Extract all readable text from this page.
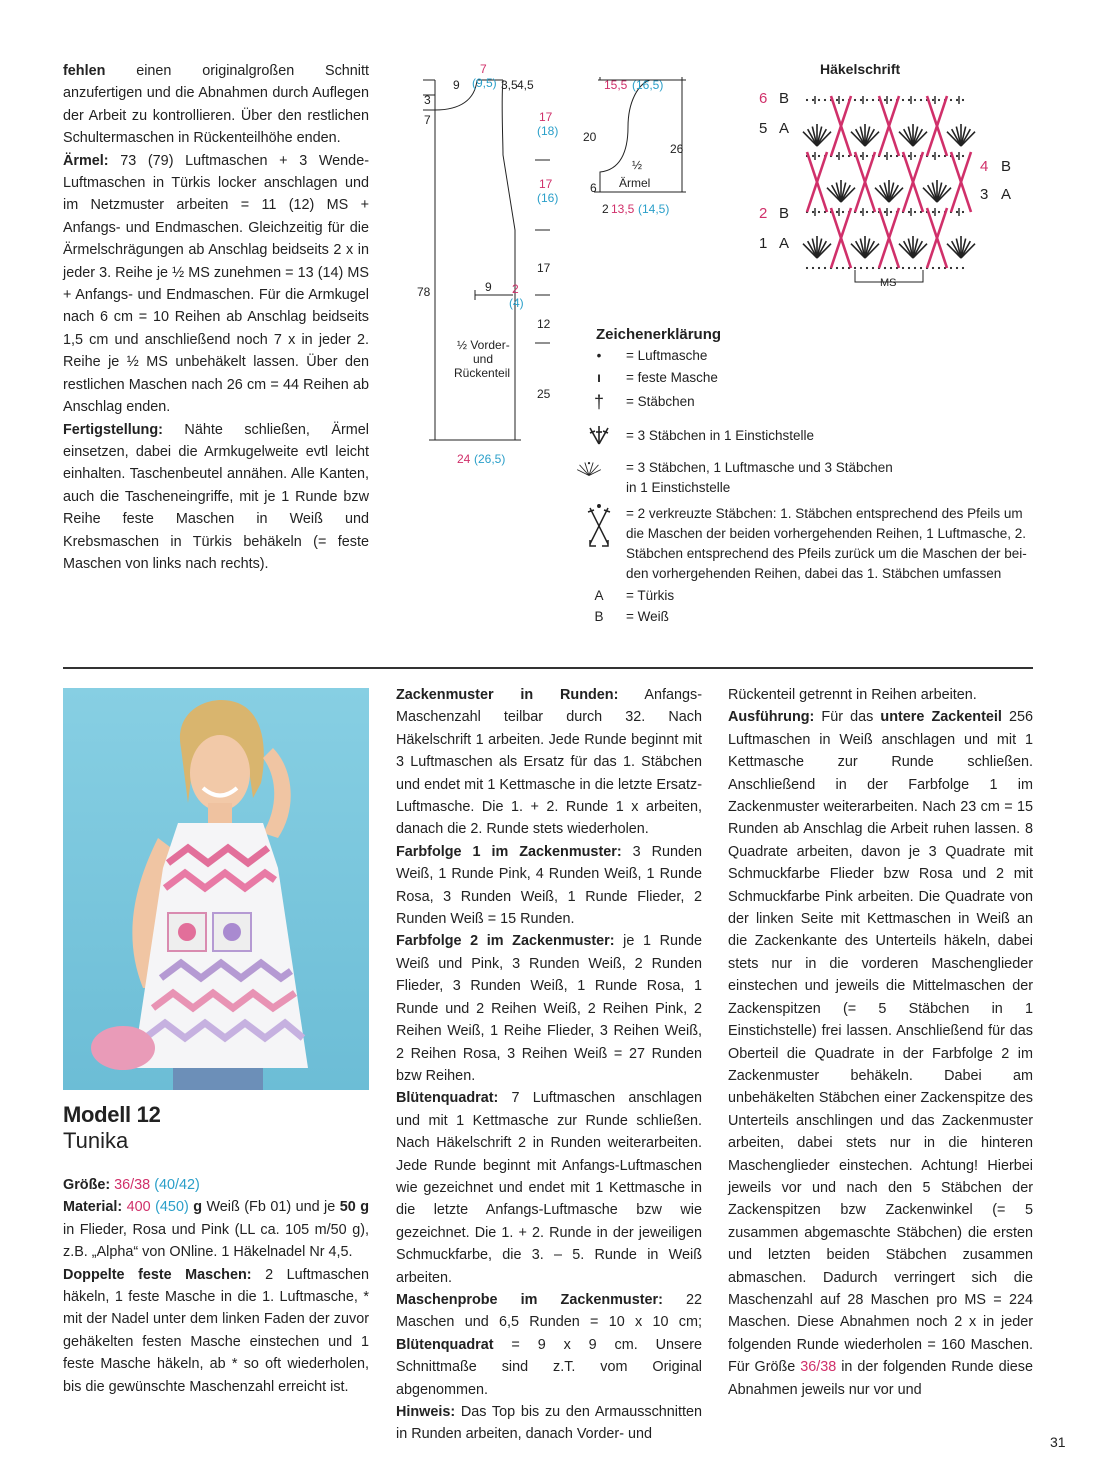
fehlen einen originalgroßen Schnitt anzufertigen und die Abnahmen durch Auflegen der Arbeit zu kontrollieren. Über den restlichen Schultermaschen in Rückenteilhöhe enden.

Ärmel: 73 (79) Luftmaschen + 3 Wende-Luftmaschen in Türkis locker anschlagen und im Netzmuster arbeiten = 11 (12) MS + Anfangs- und Endmaschen. Gleichzeitig für die Ärmelschrägungen ab Anschlag beidseits 2 x in jeder 3. Reihe je ½ MS zunehmen = 13 (14) MS + Anfangs- und Endmaschen. Für die Armkugel nach 6 cm = 10 Reihen ab Anschlag beidseits 1,5 cm und anschließend noch 7 x in jeder 2. Reihe je ½ MS unbehäkelt lassen. Über den restlichen Maschen nach 26 cm = 44 Reihen ab Anschlag enden.

Fertigstellung: Nähte schließen, Ärmel einsetzen, dabei die Armkugelweite evtl leicht einhalten. Taschenbeutel annähen. Alle Kanten, auch die Tascheneingriffe, mit je 1 Runde bzw Reihe feste Maschen in Weiß und Krebsmaschen in Türkis behäkeln (= feste Maschen von links nach rechts).

7
(9,5)
9	3,5 4,5
3
7	17
(18)
17
(16)
17
9 2
(4)
12
25
78
½ Vorder-
und
Rückenteil
24 (26,5)
15,5 (16,5)
20
26
6
½
Ärmel
2 13,5 (14,5)
Häkelschrift
6 B
5 A
2 B
1 A
4 B
3 A
MS
Zeichenerklärung
•	= Luftmasche
ı	= feste Masche
†	= Stäbchen
= 3 Stäbchen in 1 Einstichstelle
= 3 Stäbchen, 1 Luftmasche und 3 Stäbchen
in 1 Einstichstelle
= 2 verkreuzte Stäbchen: 1. Stäbchen entsprechend des Pfeils um
die Maschen der beiden vorhergehenden Reihen, 1 Luftmasche, 2.
Stäbchen entsprechend des Pfeils zurück um die Maschen der bei-
den vorhergehenden Reihen, dabei das 1. Stäbchen umfassen
A	= Türkis
B	= Weiß
Modell 12
Tunika

Größe: 36/38 (40/42)

Material: 400 (450) g Weiß (Fb 01) und je 50 g in Flieder, Rosa und Pink (LL ca. 105 m/50 g), z.B. „Alpha“ von ONline. 1 Häkelnadel Nr 4,5.

Doppelte feste Maschen: 2 Luftmaschen häkeln, 1 feste Masche in die 1. Luftmasche, * mit der Nadel unter dem linken Faden der zuvor gehäkelten festen Masche einstechen und 1 feste Masche häkeln, ab * so oft wiederholen, bis die gewünschte Maschenzahl erreicht ist.

Zackenmuster in Runden: Anfangs-Maschenzahl teilbar durch 32. Nach Häkelschrift 1 arbeiten. Jede Runde beginnt mit 3 Luftmaschen als Ersatz für das 1. Stäbchen und endet mit 1 Kettmasche in die letzte Ersatz-Luftmasche. Die 1. + 2. Runde 1 x arbeiten, danach die 2. Runde stets wiederholen.

Farbfolge 1 im Zackenmuster: 3 Runden Weiß, 1 Runde Pink, 4 Runden Weiß, 1 Runde Rosa, 3 Runden Weiß, 1 Runde Flieder, 2 Runden Weiß = 15 Runden.

Farbfolge 2 im Zackenmuster: je 1 Runde Weiß und Pink, 3 Runden Weiß, 2 Runden Flieder, 3 Runden Weiß, 1 Runde Rosa, 1 Runde und 2 Reihen Weiß, 2 Reihen Pink, 2 Reihen Weiß, 1 Reihe Flieder, 3 Reihen Weiß, 2 Reihen Rosa, 3 Reihen Weiß = 27 Runden bzw Reihen.

Blütenquadrat: 7 Luftmaschen anschlagen und mit 1 Kettmasche zur Runde schließen. Nach Häkelschrift 2 in Runden weiterarbeiten. Jede Runde beginnt mit Anfangs-Luftmaschen wie gezeichnet und endet mit 1 Kettmasche in die letzte Anfangs-Luftmasche bzw wie gezeichnet. Die 1. + 2. Runde in der jeweiligen Schmuckfarbe, die 3. – 5. Runde in Weiß arbeiten.

Maschenprobe im Zackenmuster: 22 Maschen und 6,5 Runden = 10 x 10 cm; Blütenquadrat = 9 x 9 cm. Unsere Schnittmaße sind z.T. vom Original abgenommen.

Hinweis: Das Top bis zu den Armausschnitten in Runden arbeiten, danach Vorder- und

Rückenteil getrennt in Reihen arbeiten.

Ausführung: Für das untere Zackenteil 256 Luftmaschen in Weiß anschlagen und mit 1 Kettmasche zur Runde schließen. Anschließend in der Farbfolge 1 im Zackenmuster weiterarbeiten. Nach 23 cm = 15 Runden ab Anschlag die Arbeit ruhen lassen. 8 Quadrate arbeiten, davon je 3 Quadrate mit Schmuckfarbe Flieder bzw Rosa und 2 mit Schmuckfarbe Pink arbeiten. Die Quadrate von der linken Seite mit Kettmaschen in Weiß an die Zackenkante des Unterteils häkeln, dabei stets nur in die vorderen Maschenglieder einstechen und jeweils die Mittelmaschen der Zackenspitzen (= 5 Stäbchen in 1 Einstichstelle) frei lassen. Anschließend für das Oberteil die Quadrate in der Farbfolge 2 im Zackenmuster behäkeln. Dabei am unbehäkelten Stäbchen einer Zackenspitze des Unterteils anschlingen und das Zackenmuster arbeiten, dabei stets nur in die hinteren Maschenglieder einstechen. Achtung! Hierbei jeweils vor und nach den 5 Stäbchen der Zackenspitzen bzw Zackenwinkel (= 5 zusammen abgemaschte Stäbchen) die ersten und letzten beiden Stäbchen zusammen abmaschen. Dadurch verringert sich die Maschenzahl auf 28 Maschen pro MS = 224 Maschen. Diese Abnahmen noch 2 x in jeder folgenden Runde wiederholen = 160 Maschen. Für Größe 36/38 in der folgenden Runde diese Abnahmen jeweils nur vor und

31
